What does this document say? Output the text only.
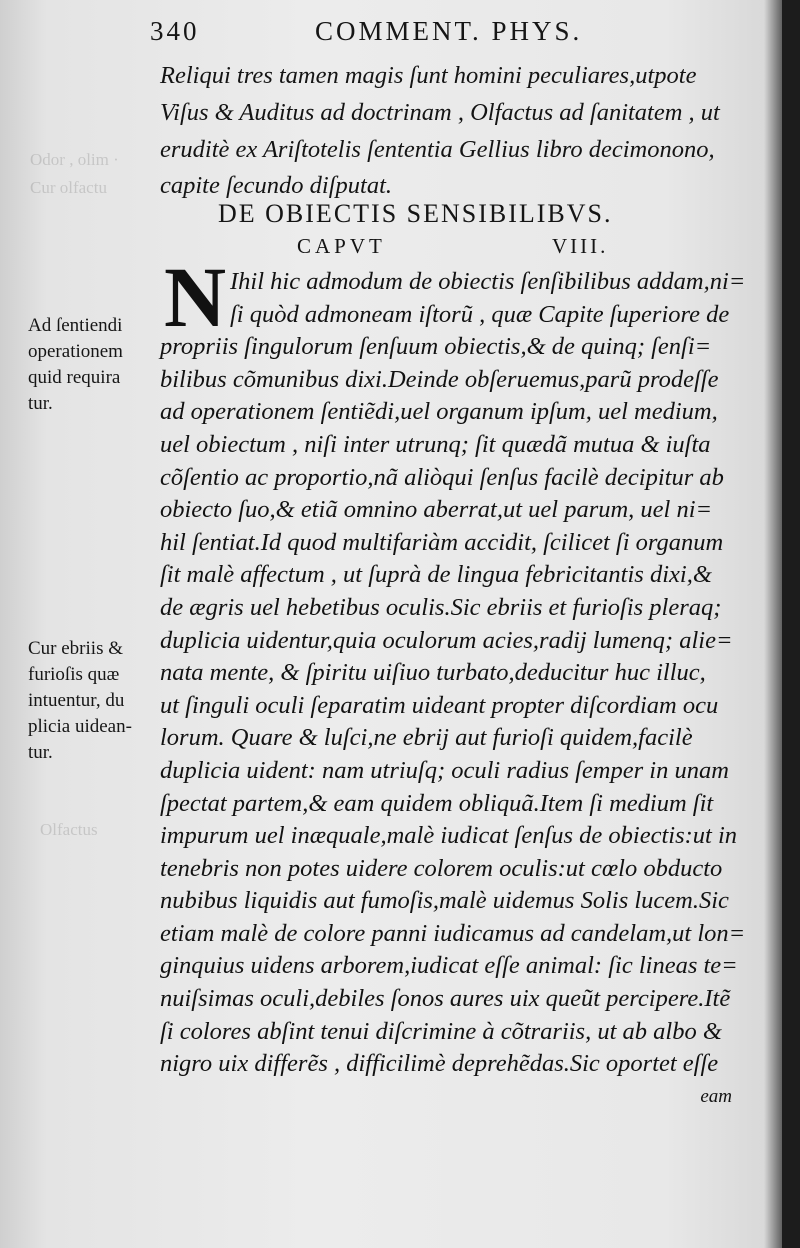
Odor , olim ·
Cur olfactu
Olfactus
340	COMMENT. PHYS.
Reliqui tres tamen magis ſunt homini peculiares,utpote
Viſus & Auditus ad doctrinam , Olfactus ad ſanitatem , ut
eruditè ex Ariſtotelis ſententia Gellius libro decimonono,
capite ſecundo diſputat.
DE OBIECTIS SENSIBILIBVS.
CAPVT	VIII.
N Ihil hic admodum de obiectis ſenſibilibus addam,ni=
ſi quòd admoneam iſtorũ , quæ Capite ſuperiore de
propriis ſingulorum ſenſuum obiectis,& de quinq; ſenſi=
bilibus cõmunibus dixi.Deinde obſeruemus,parũ prodeſſe
ad operationem ſentiẽdi,uel organum ipſum, uel medium,
uel obiectum , niſi inter utrunq; ſit quædã mutua & iuſta
cõſentio ac proportio,nã aliòqui ſenſus facilè decipitur ab
obiecto ſuo,& etiã omnino aberrat,ut uel parum, uel ni=
hil ſentiat.Id quod multifariàm accidit, ſcilicet ſi organum
ſit malè affectum , ut ſuprà de lingua febricitantis dixi,&
de ægris uel hebetibus oculis.Sic ebriis et furioſis pleraq;
duplicia uidentur,quia oculorum acies,radij lumenq; alie=
nata mente, & ſpiritu uiſiuo turbato,deducitur huc illuc,
ut ſinguli oculi ſeparatim uideant propter diſcordiam ocu
lorum. Quare & luſci,ne ebrij aut furioſi quidem,facilè
duplicia uident: nam utriuſq; oculi radius ſemper in unam
ſpectat partem,& eam quidem obliquã.Item ſi medium ſit
impurum uel inæquale,malè iudicat ſenſus de obiectis:ut in
tenebris non potes uidere colorem oculis:ut cœlo obducto
nubibus liquidis aut fumoſis,malè uidemus Solis lucem.Sic
etiam malè de colore panni iudicamus ad candelam,ut lon=
ginquius uidens arborem,iudicat eſſe animal: ſic lineas te=
nuiſsimas oculi,debiles ſonos aures uix queũt percipere.Itẽ
ſi colores abſint tenui diſcrimine à cõtrariis, ut ab albo &
nigro uix differẽs , difficilimè deprehẽdas.Sic oportet eſſe
eam
Ad ſentiendi
operationem
quid requira
tur.
Cur ebriis &
furioſis quæ
intuentur, du
plicia uidean-
tur.
